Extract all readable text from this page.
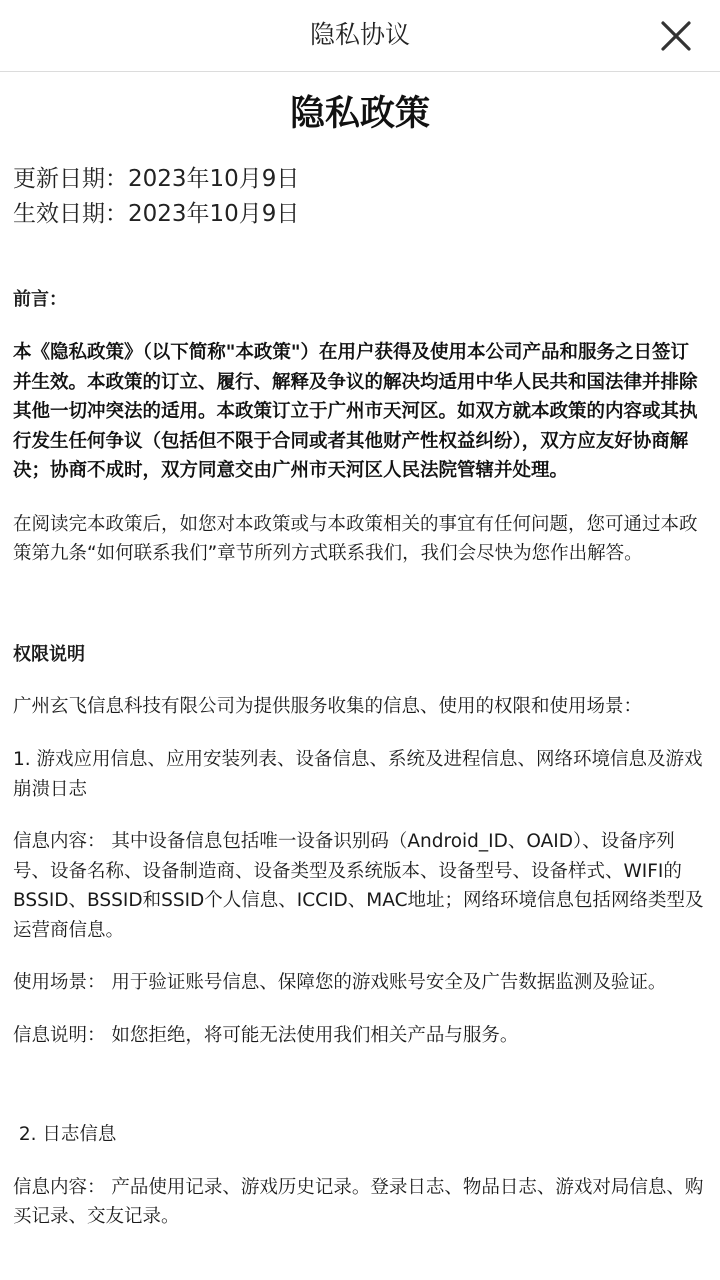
隐私协议
隐私政策

更新日期：2023年10月9日

生效日期：2023年10月9日

前言：

本《隐私政策》（以下简称"本政策"）在用户获得及使用本公司产品和服务之日签订并生效。本政策的订立、履行、解释及争议的解决均适用中华人民共和国法律并排除其他一切冲突法的适用。本政策订立于广州市天河区。如双方就本政策的内容或其执行发生任何争议（包括但不限于合同或者其他财产性权益纠纷），双方应友好协商解决；协商不成时，双方同意交由广州市天河区人民法院管辖并处理。

在阅读完本政策后，如您对本政策或与本政策相关的事宜有任何问题，您可通过本政策第九条“如何联系我们”章节所列方式联系我们，我们会尽快为您作出解答。

权限说明

广州玄飞信息科技有限公司为提供服务收集的信息、使用的权限和使用场景：

1. 游戏应用信息、应用安装列表、设备信息、系统及进程信息、网络环境信息及游戏崩溃日志

信息内容： 其中设备信息包括唯一设备识别码（Android_ID、OAID）、设备序列号、设备名称、设备制造商、设备类型及系统版本、设备型号、设备样式、WIFI的BSSID、BSSID和SSID个人信息、ICCID、MAC地址；网络环境信息包括网络类型及运营商信息。

使用场景： 用于验证账号信息、保障您的游戏账号安全及广告数据监测及验证。

信息说明： 如您拒绝，将可能无法使用我们相关产品与服务。

2. 日志信息

信息内容： 产品使用记录、游戏历史记录。登录日志、物品日志、游戏对局信息、购买记录、交友记录。
